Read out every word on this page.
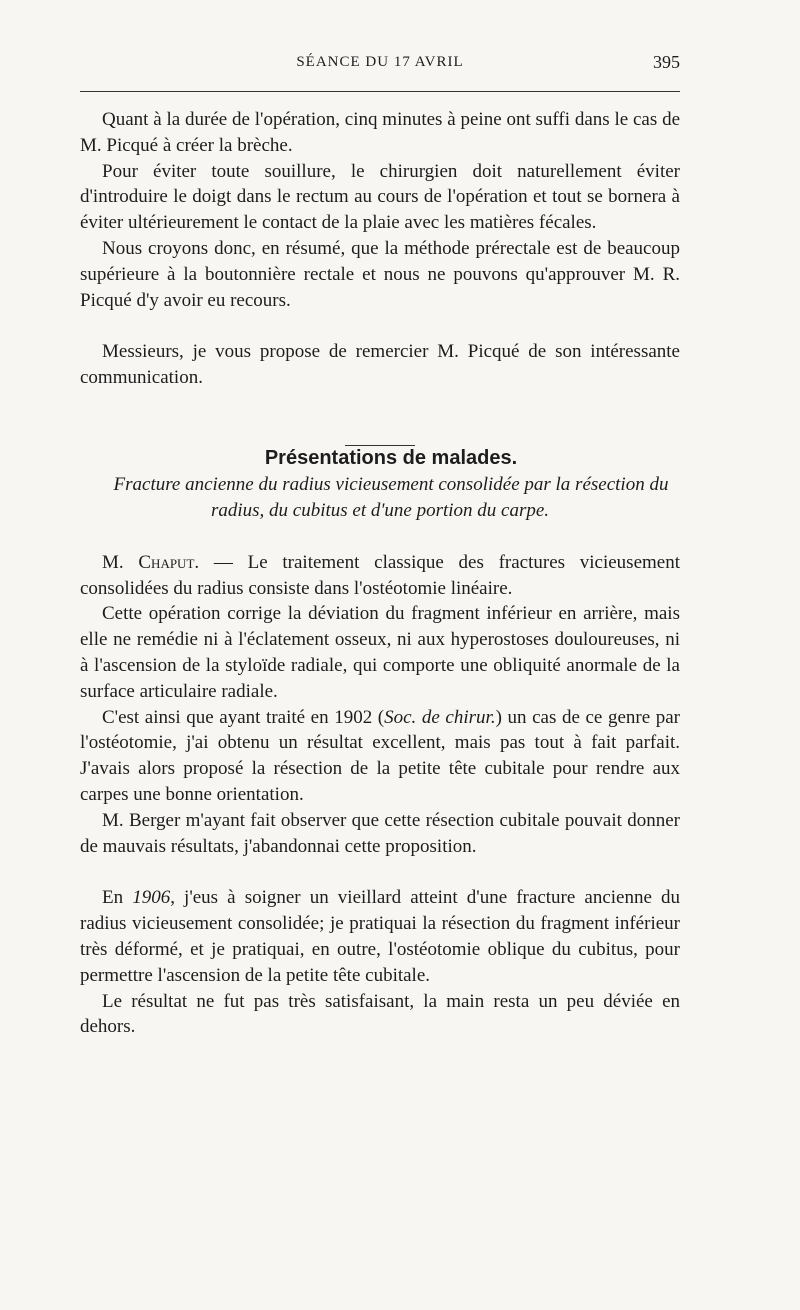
SÉANCE DU 17 AVRIL	395

Quant à la durée de l'opération, cinq minutes à peine ont suffi dans le cas de M. Picqué à créer la brèche.

Pour éviter toute souillure, le chirurgien doit naturellement éviter d'introduire le doigt dans le rectum au cours de l'opération et tout se bornera à éviter ultérieurement le contact de la plaie avec les matières fécales.

Nous croyons donc, en résumé, que la méthode prérectale est de beaucoup supérieure à la boutonnière rectale et nous ne pouvons qu'approuver M. R. Picqué d'y avoir eu recours.

Messieurs, je vous propose de remercier M. Picqué de son intéressante communication.

Présentations de malades.

Fracture ancienne du radius vicieusement consolidée par la résection du radius, du cubitus et d'une portion du carpe.

M. Chaput. — Le traitement classique des fractures vicieusement consolidées du radius consiste dans l'ostéotomie linéaire.

Cette opération corrige la déviation du fragment inférieur en arrière, mais elle ne remédie ni à l'éclatement osseux, ni aux hyperostoses douloureuses, ni à l'ascension de la styloïde radiale, qui comporte une obliquité anormale de la surface articulaire radiale.

C'est ainsi que ayant traité en 1902 (Soc. de chirur.) un cas de ce genre par l'ostéotomie, j'ai obtenu un résultat excellent, mais pas tout à fait parfait. J'avais alors proposé la résection de la petite tête cubitale pour rendre aux carpes une bonne orientation.

M. Berger m'ayant fait observer que cette résection cubitale pouvait donner de mauvais résultats, j'abandonnai cette proposition.

En 1906, j'eus à soigner un vieillard atteint d'une fracture ancienne du radius vicieusement consolidée; je pratiquai la résection du fragment inférieur très déformé, et je pratiquai, en outre, l'ostéotomie oblique du cubitus, pour permettre l'ascension de la petite tête cubitale.

Le résultat ne fut pas très satisfaisant, la main resta un peu déviée en dehors.
